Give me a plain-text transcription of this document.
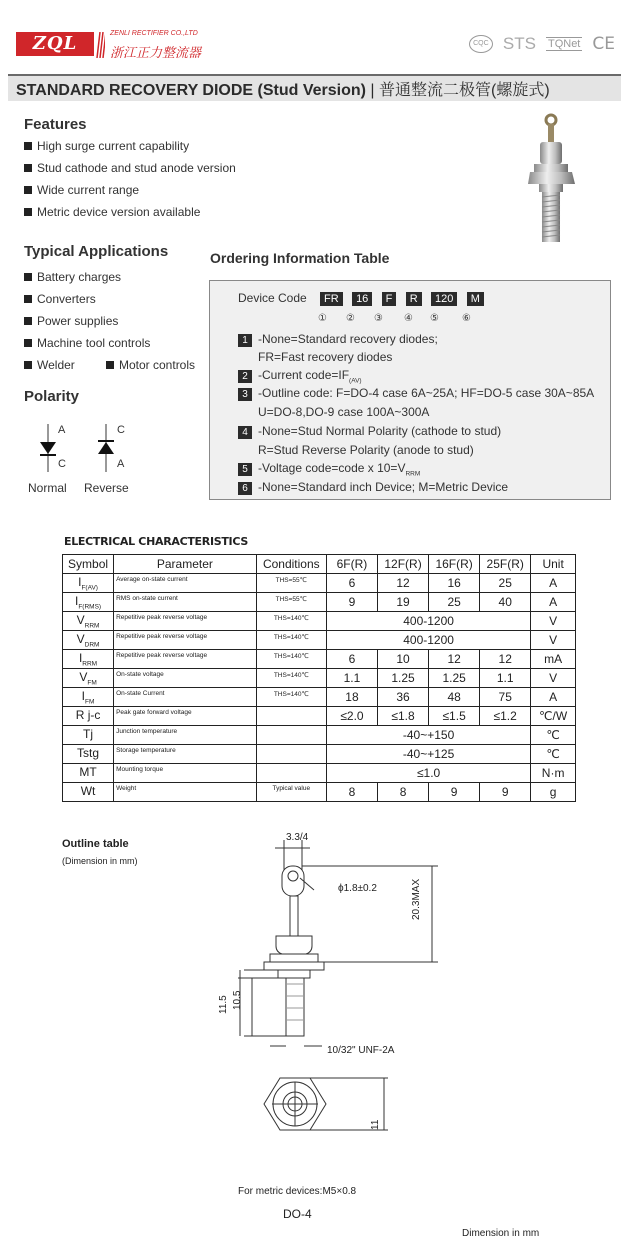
ZQL	ZENLI RECTIFIER CO.,LTD
浙江正力整流器
CQC STS TQNet CE
STANDARD RECOVERY DIODE (Stud Version) | 普通整流二极管(螺旋式)
Features
High surge current capability
Stud cathode and stud anode version
Wide current range
Metric device version available
Typical Applications
Battery charges
Converters
Power supplies
Machine tool controls
Welder	Motor controls
Polarity
A
C
C
A
Normal Reverse
Ordering Information Table
Device Code FR 16 F R 120 M
① ② ③ ④ ⑤ ⑥
1 -None=Standard recovery diodes;
FR=Fast recovery diodes
2 -Current $code=IF_{(AV)}$
3 -Outline code: F=DO-4 case 6A~25A; HF=DO-5 case 30A~85A
U=DO-8,DO-9 case 100A~300A
4 -None=Stud Normal Polarity (cathode to stud)
R=Stud Reverse Polarity (anode to stud)
5 -Voltage code=code x $10=V_{RRM}$
6 -None=Standard inch Device; M=Metric Device
ELECTRICAL CHARACTERISTICS
Symbol	Parameter	Conditions	6F(R)	12F(R)	16F(R)	25F(R)	Unit
$I_{F(AV)}$	Average on-state current	THS=55℃	6	12	16	25	A
$I_{F(RMS)}$	RMS on-state current	THS=55℃	9	19	25	40	A
$V_{RRM}$	Repetitive peak reverse voltage	THS=140℃	400-1200				V
$V_{DRM}$	Repetitive peak reverse voltage	THS=140℃	400-1200				V
$I_{RRM}$	Repetitive peak reverse voltage	THS=140℃	6	10	12	12	mA
$V_{FM}$	On-state voltage	THS=140℃	1.1	1.25	1.25	1.1	V
$I_{FM}$	On-state Current	THS=140℃	18	36	48	75	A
R j-c	Peak gate forward voltage		≤2.0	≤1.8	≤1.5	≤1.2	℃/W
Tj	Junction temperature		-40~+150				℃
Tstg	Storage temperature		-40~+125				℃
MT	Mounting torque		≤1.0				N·m
Wt	Weight	Typical value	8	8	9	9	g
Outline table
(Dimension in mm)
3.3/4
ϕ1.8±0.2	20.3MAX
11.5 10.5
10/32" UNF-2A
11
For metric devices:M5×0.8
DO-4
Dimension in mm
